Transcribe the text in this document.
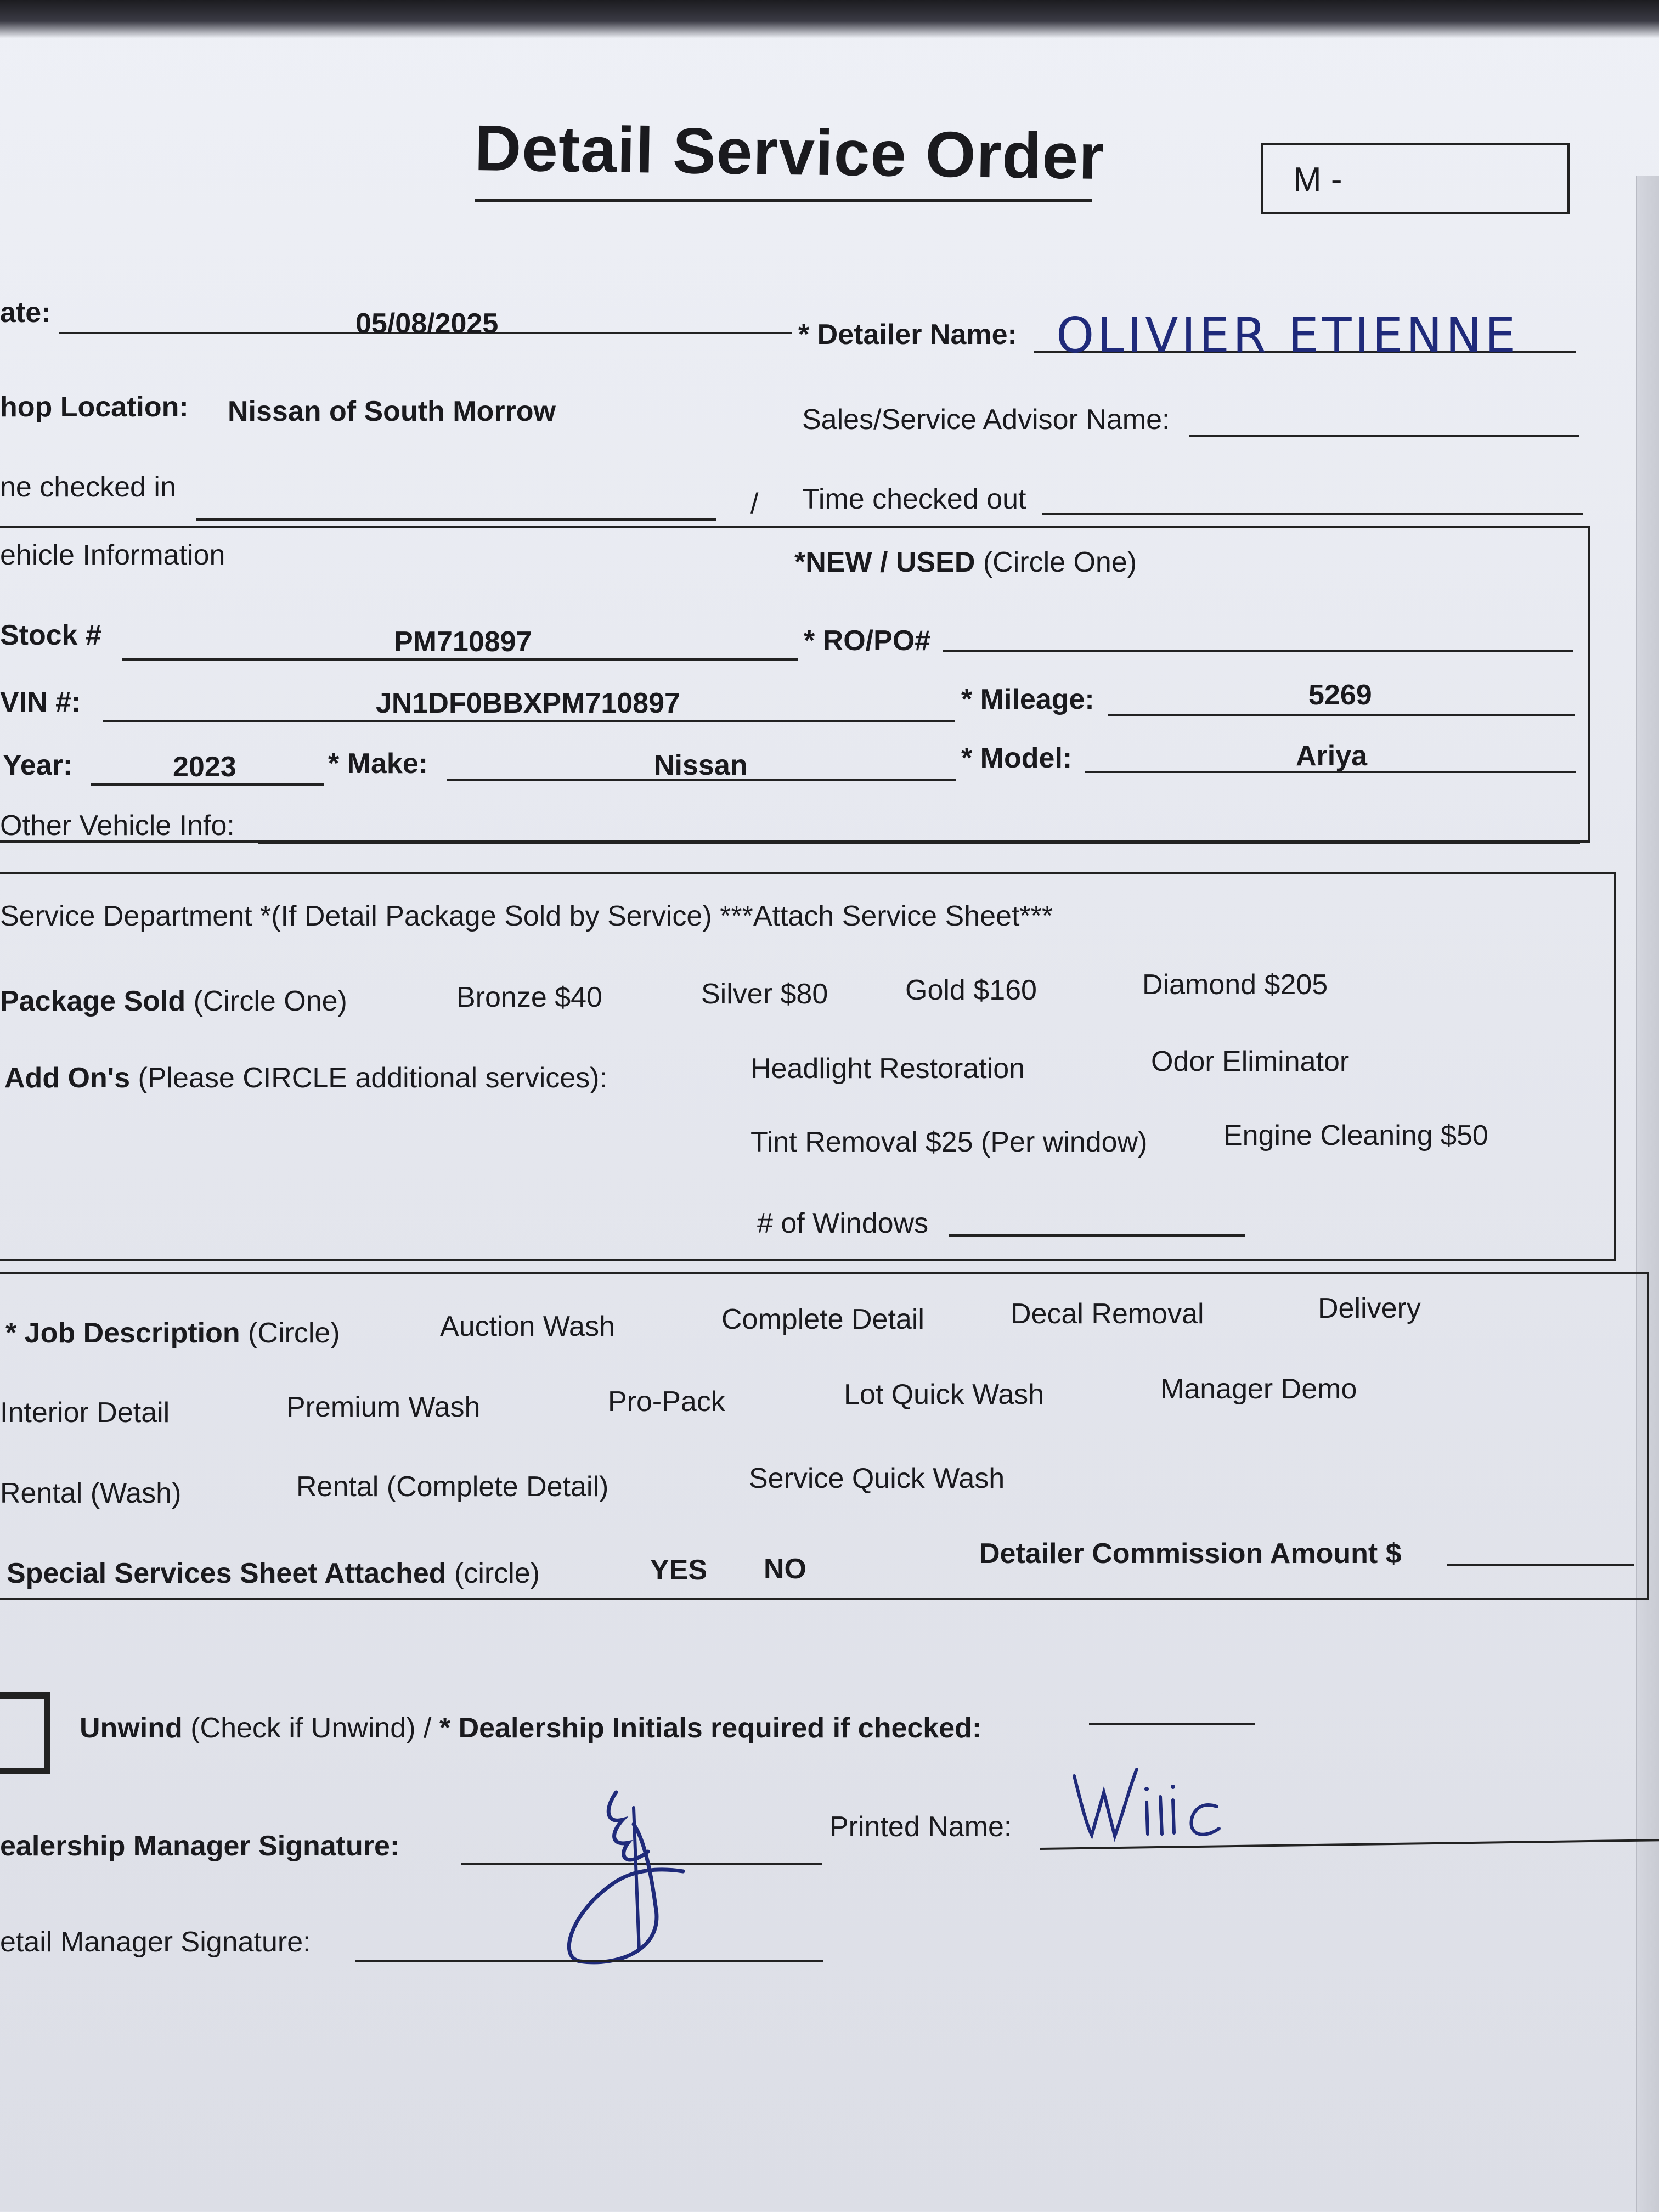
Detail Service Order	M -
ate:	05/08/2025	* Detailer Name: OLIVIER ETIENNE
hop Location: Nissan of South Morrow	Sales/Service Advisor Name:
ne checked in
/ Time checked out
ehicle Information	*NEW / USED (Circle One)
Stock #	PM710897	* RO/PO#
VIN #:	JN1DF0BBXPM710897	* Mileage:	5269
Year:	2023	* Make:	Nissan	* Model:	Ariya
Other Vehicle Info:
Service Department *(If Detail Package Sold by Service) ***Attach Service Sheet***
Package Sold (Circle One)	Bronze $40	Silver $80	Gold $160	Diamond $205
Add On's (Please CIRCLE additional services):	Headlight Restoration	Odor Eliminator
Tint Removal $25 (Per window)	Engine Cleaning $50
# of Windows
* Job Description (Circle)	Auction Wash	Complete Detail	Decal Removal	Delivery
Interior Detail	Premium Wash	Pro-Pack	Lot Quick Wash	Manager Demo
Rental (Wash)	Rental (Complete Detail)	Service Quick Wash
Special Services Sheet Attached (circle)	YES NO	Detailer Commission Amount $
Unwind (Check if Unwind) / * Dealership Initials required if checked:
ealership Manager Signature:
Printed Name:
etail Manager Signature:
